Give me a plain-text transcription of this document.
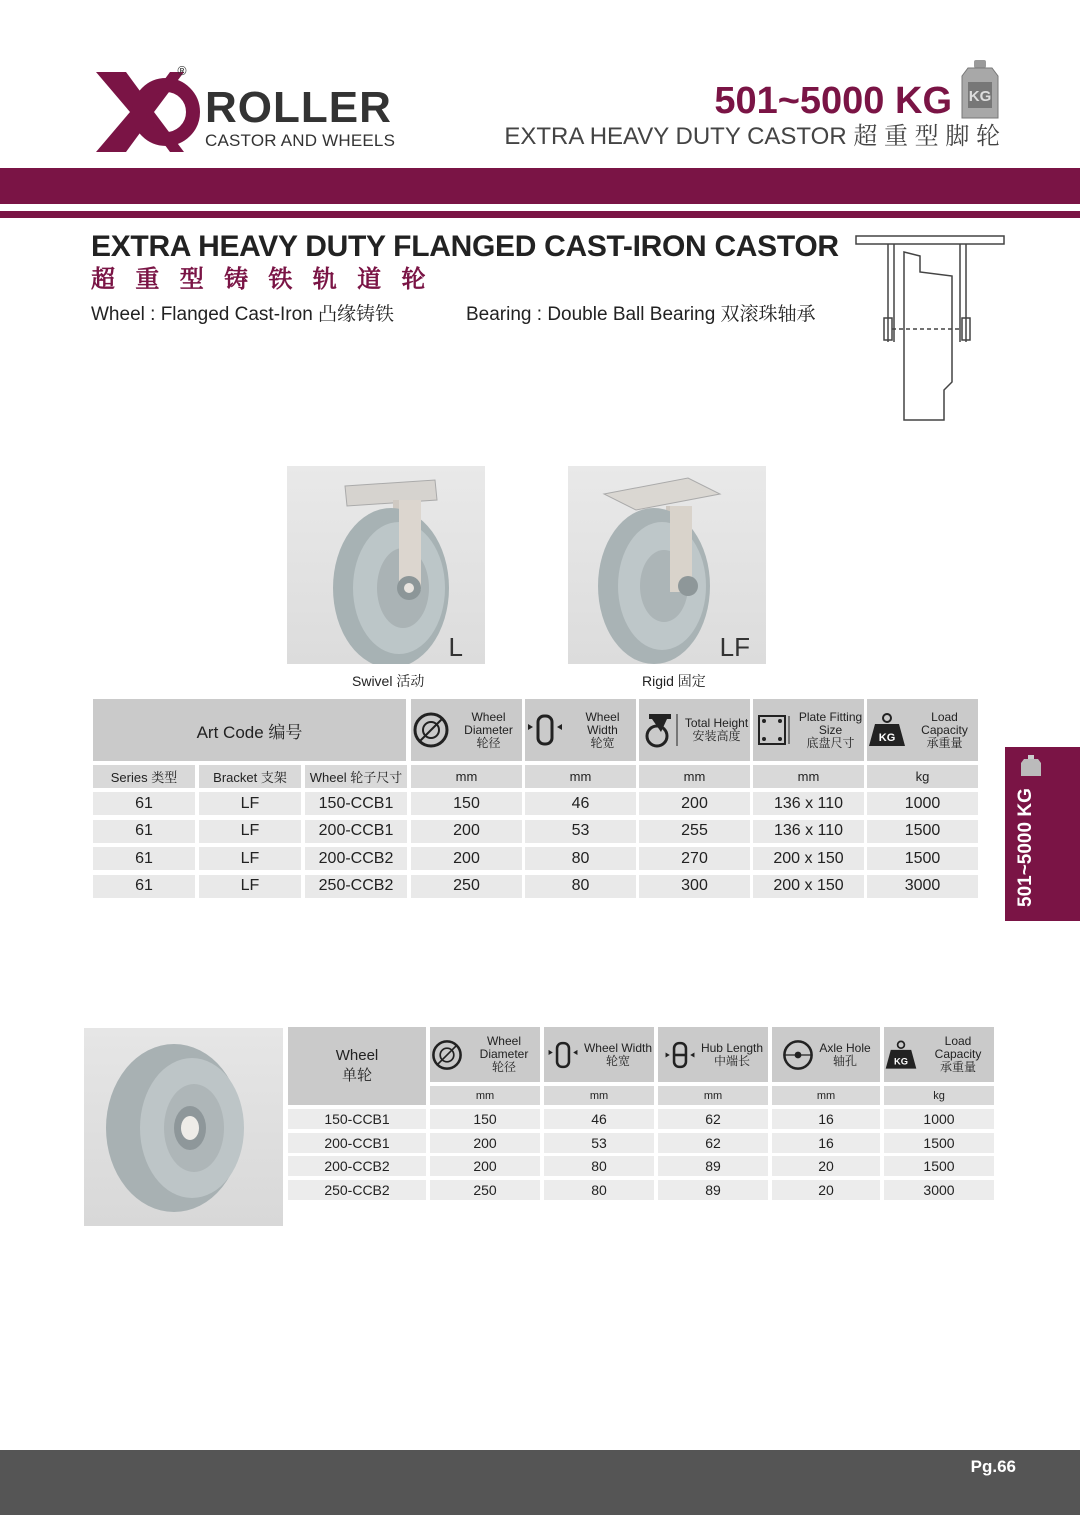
®
ROLLER
CASTOR AND WHEELS
501~5000 KG KG
EXTRA HEAVY DUTY CASTOR 超 重 型 脚 轮
EXTRA HEAVY DUTY FLANGED CAST-IRON CASTOR
超 重 型 铸 铁 轨 道 轮
Wheel : Flanged Cast-Iron 凸缘铸铁	Bearing : Double Ball Bearing 双滚珠轴承
L	LF
Swivel 活动	Rigid 固定
Art Code 编号
Wheel Diameter
轮径
Wheel Width
轮宽
Total Height
安装高度
Plate Fitting Size
底盘尺寸	KG
Load Capacity
承重量
Series 类型	Bracket 支架	Wheel 轮子尺寸	mm	mm	mm	mm	kg
61	LF	150-CCB1	150	46	200	136 x 110	1000
61	LF	200-CCB1	200	53	255	136 x 110	1500
61	LF	200-CCB2	200	80	270	200 x 150	1500
61	LF	250-CCB2	250	80	300	200 x 150	3000	501~5000 KG
Wheel
单轮
Wheel Diameter
轮径
Wheel Width
轮宽
Hub Length
中端长
Axle Hole
轴孔	KG
Load Capacity
承重量
mm	mm	mm	mm	kg
150-CCB1	150	46	62	16	1000
200-CCB1	200	53	62	16	1500
200-CCB2	200	80	89	20	1500
250-CCB2	250	80	89	20	3000
Pg.66
